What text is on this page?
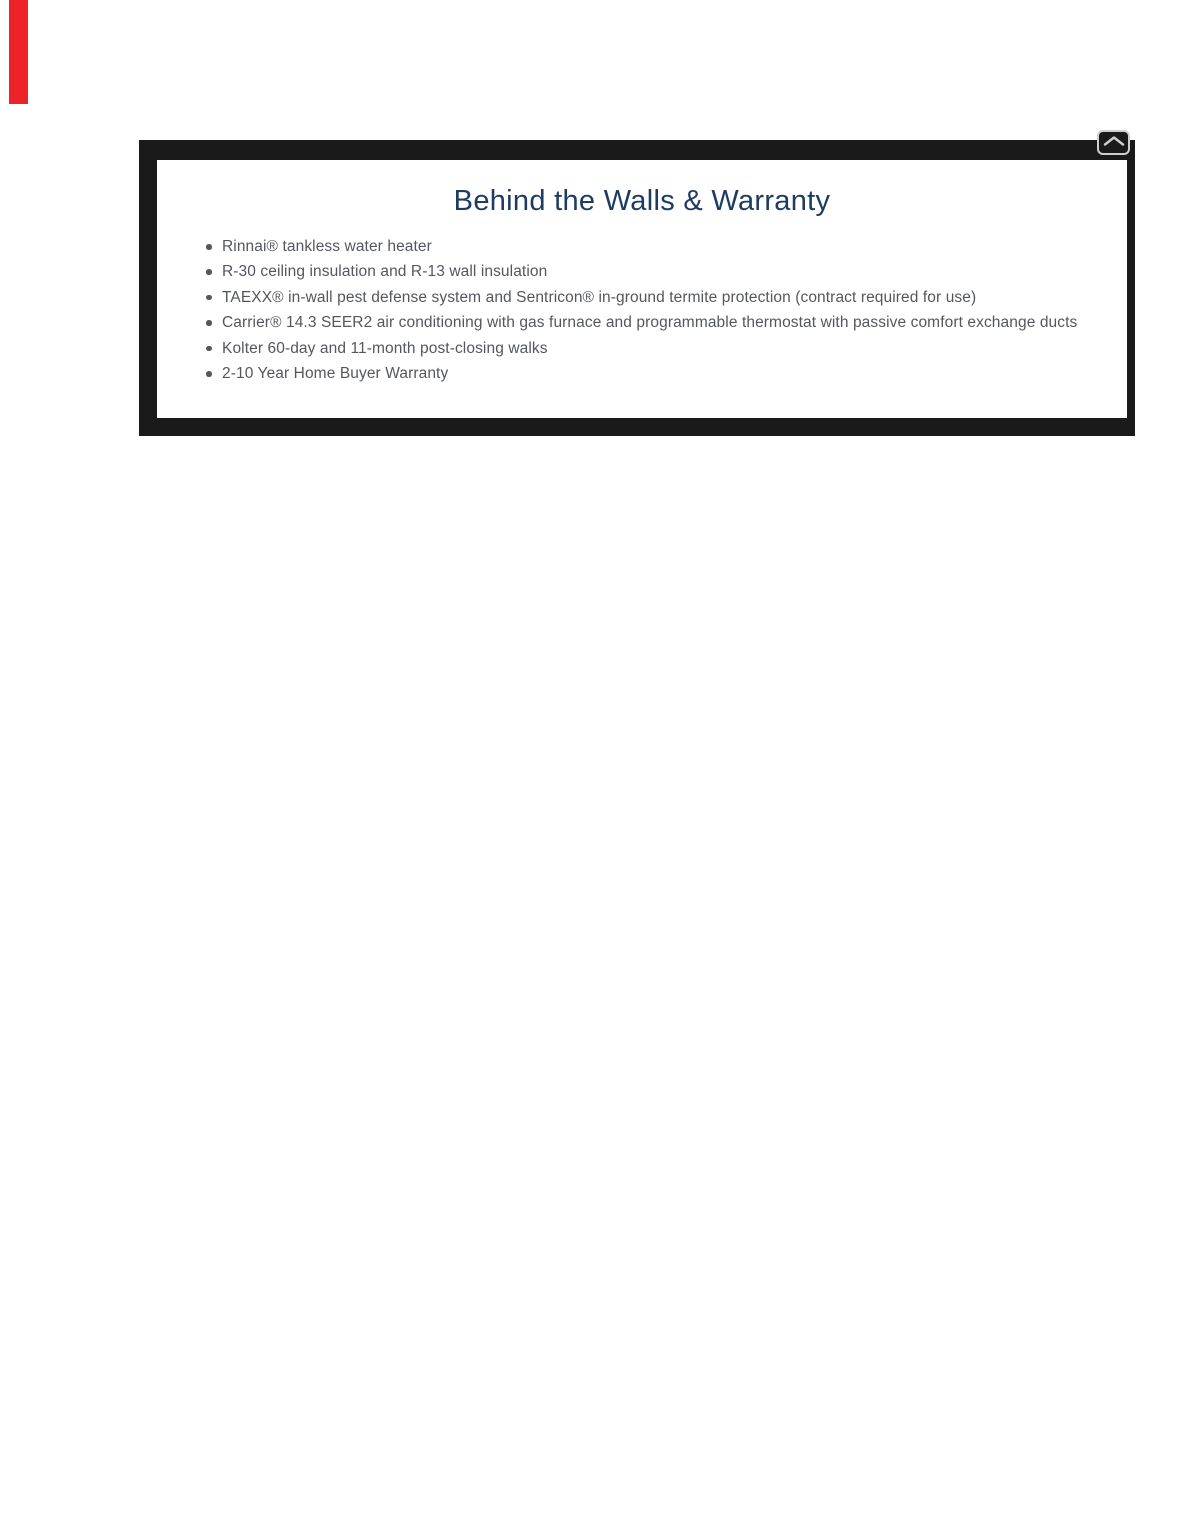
Behind the Walls & Warranty
Rinnai® tankless water heater
R-30 ceiling insulation and R-13 wall insulation
TAEXX® in-wall pest defense system and Sentricon® in-ground termite protection (contract required for use)
Carrier® 14.3 SEER2 air conditioning with gas furnace and programmable thermostat with passive comfort exchange ducts
Kolter 60-day and 11-month post-closing walks
2-10 Year Home Buyer Warranty
